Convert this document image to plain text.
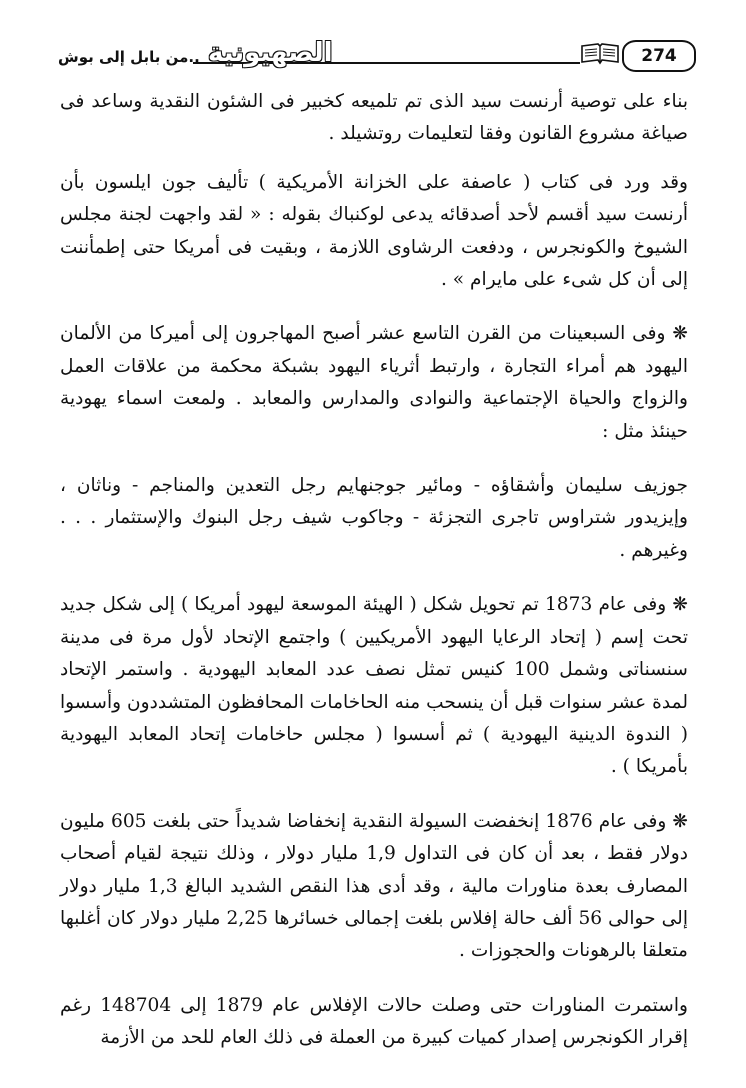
..من بابل إلى بوش الصهيونية	274

بناء على توصية أرنست سيد الذى تم تلميعه كخبير فى الشئون النقدية وساعد فى صياغة مشروع القانون وفقا لتعليمات روتشيلد .

وقد ورد فى كتاب ( عاصفة على الخزانة الأمريكية ) تأليف جون ايلسون بأن أرنست سيد أقسم لأحد أصدقائه يدعى لوكنباك بقوله : « لقد واجهت لجنة مجلس الشيوخ والكونجرس ، ودفعت الرشاوى اللازمة ، وبقيت فى أمريكا حتى إطمأننت إلى أن كل شىء على مايرام » .

❋ وفى السبعينات من القرن التاسع عشر أصبح المهاجرون إلى أميركا من الألمان اليهود هم أمراء التجارة ، وارتبط أثرياء اليهود بشبكة محكمة من علاقات العمل والزواج والحياة الإجتماعية والنوادى والمدارس والمعابد . ولمعت اسماء يهودية حينئذ مثل :

جوزيف سليمان وأشقاؤه - ومائير جوجنهايم رجل التعدين والمناجم - وناثان ، وإيزيدور شتراوس تاجرى التجزئة - وجاكوب شيف رجل البنوك والإستثمار . . . وغيرهم .

❋ وفى عام 1873 تم تحويل شكل ( الهيئة الموسعة ليهود أمريكا ) إلى شكل جديد تحت إسم ( إتحاد الرعايا اليهود الأمريكيين ) واجتمع الإتحاد لأول مرة فى مدينة سنسناتى وشمل 100 كنيس تمثل نصف عدد المعابد اليهودية . واستمر الإتحاد لمدة عشر سنوات قبل أن ينسحب منه الحاخامات المحافظون المتشددون وأسسوا ( الندوة الدينية اليهودية ) ثم أسسوا ( مجلس حاخامات إتحاد المعابد اليهودية بأمريكا ) .

❋ وفى عام 1876 إنخفضت السيولة النقدية إنخفاضا شديداً حتى بلغت 605 مليون دولار فقط ، بعد أن كان فى التداول 1,9 مليار دولار ، وذلك نتيجة لقيام أصحاب المصارف بعدة مناورات مالية ، وقد أدى هذا النقص الشديد البالغ 1,3 مليار دولار إلى حوالى 56 ألف حالة إفلاس بلغت إجمالى خسائرها 2,25 مليار دولار كان أغلبها متعلقا بالرهونات والحجوزات .

واستمرت المناورات حتى وصلت حالات الإفلاس عام 1879 إلى 148704 رغم إقرار الكونجرس إصدار كميات كبيرة من العملة فى ذلك العام للحد من الأزمة
